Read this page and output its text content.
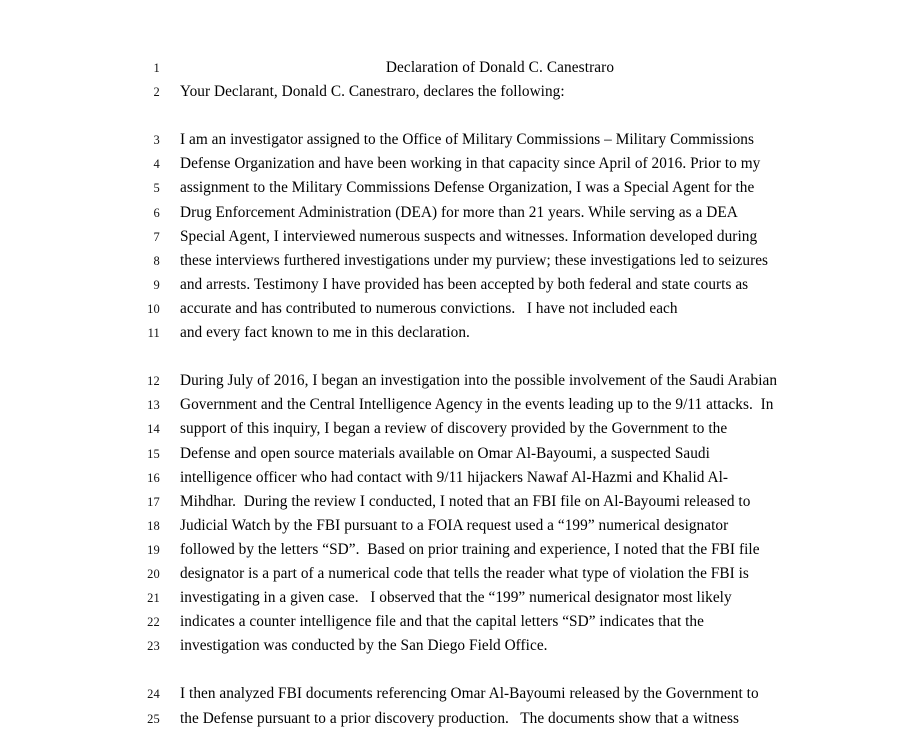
1	Declaration of Donald C. Canestraro
2	Your Declarant, Donald C. Canestraro, declares the following:
3	I am an investigator assigned to the Office of Military Commissions – Military Commissions
4	Defense Organization and have been working in that capacity since April of 2016. Prior to my
5	assignment to the Military Commissions Defense Organization, I was a Special Agent for the
6	Drug Enforcement Administration (DEA) for more than 21 years. While serving as a DEA
7	Special Agent, I interviewed numerous suspects and witnesses. Information developed during
8	these interviews furthered investigations under my purview; these investigations led to seizures
9	and arrests. Testimony I have provided has been accepted by both federal and state courts as
10	accurate and has contributed to numerous convictions.   I have not included each
11	and every fact known to me in this declaration.
12	During July of 2016, I began an investigation into the possible involvement of the Saudi Arabian
13	Government and the Central Intelligence Agency in the events leading up to the 9/11 attacks.  In
14	support of this inquiry, I began a review of discovery provided by the Government to the
15	Defense and open source materials available on Omar Al-Bayoumi, a suspected Saudi
16	intelligence officer who had contact with 9/11 hijackers Nawaf Al-Hazmi and Khalid Al-
17	Mihdhar.  During the review I conducted, I noted that an FBI file on Al-Bayoumi released to
18	Judicial Watch by the FBI pursuant to a FOIA request used a “199” numerical designator
19	followed by the letters “SD”.  Based on prior training and experience, I noted that the FBI file
20	designator is a part of a numerical code that tells the reader what type of violation the FBI is
21	investigating in a given case.   I observed that the “199” numerical designator most likely
22	indicates a counter intelligence file and that the capital letters “SD” indicates that the
23	investigation was conducted by the San Diego Field Office.
24	I then analyzed FBI documents referencing Omar Al-Bayoumi released by the Government to
25	the Defense pursuant to a prior discovery production.   The documents show that a witness
